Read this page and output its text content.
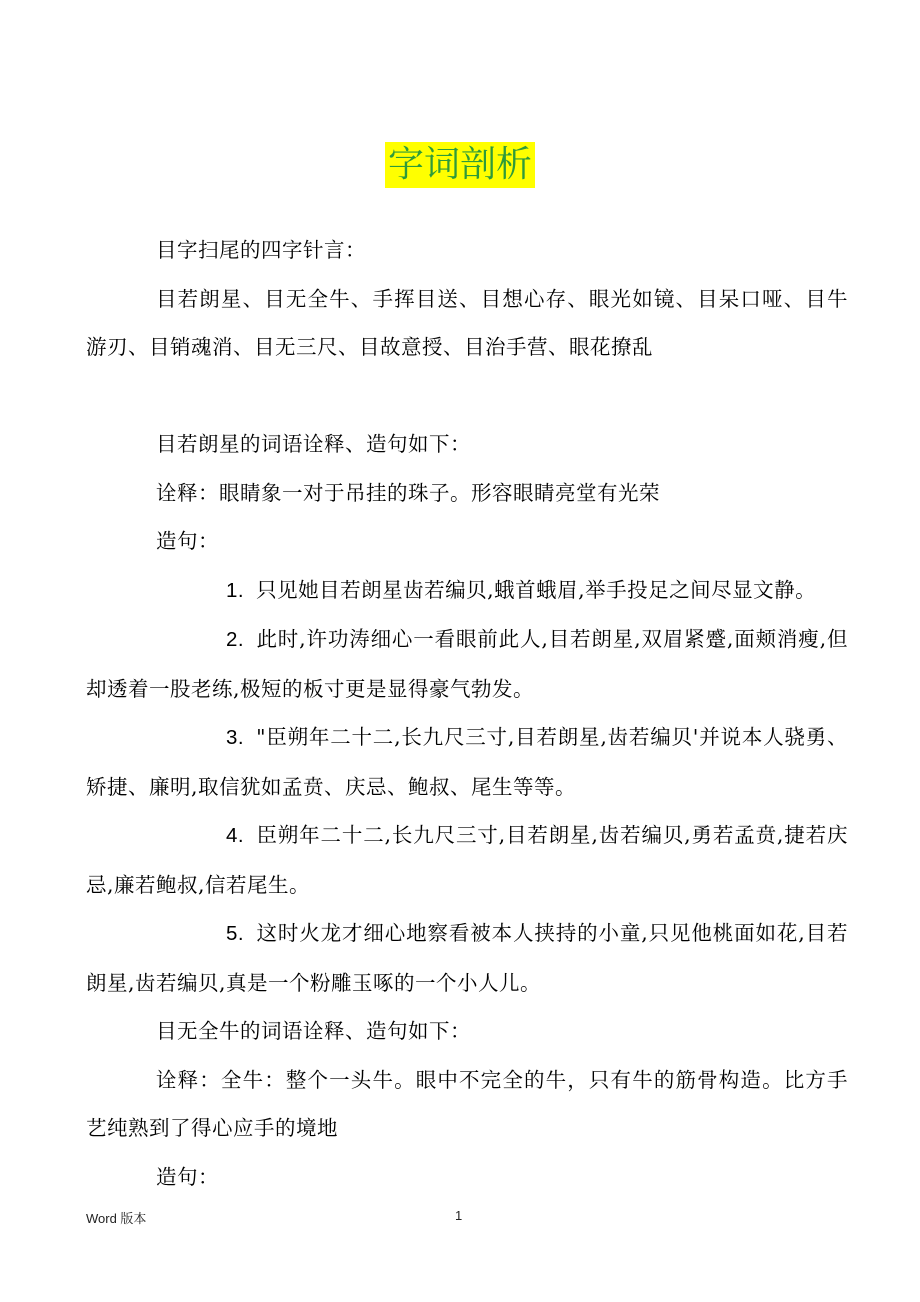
字词剖析

目字扫尾的四字针言：

目若朗星、目无全牛、手挥目送、目想心存、眼光如镜、目呆口哑、目牛游刃、目销魂消、目无三尺、目故意授、目治手营、眼花撩乱

目若朗星的词语诠释、造句如下：

诠释：眼睛象一对于吊挂的珠子。形容眼睛亮堂有光荣

造句：

1. 只见她目若朗星齿若编贝,蛾首蛾眉,举手投足之间尽显文静。

2. 此时,许功涛细心一看眼前此人,目若朗星,双眉紧蹙,面颊消瘦,但却透着一股老练,极短的板寸更是显得豪气勃发。

3. "臣朔年二十二,长九尺三寸,目若朗星,齿若编贝'并说本人骁勇、矫捷、廉明,取信犹如孟贲、庆忌、鲍叔、尾生等等。

4. 臣朔年二十二,长九尺三寸,目若朗星,齿若编贝,勇若孟贲,捷若庆忌,廉若鲍叔,信若尾生。

5. 这时火龙才细心地察看被本人挟持的小童,只见他桃面如花,目若朗星,齿若编贝,真是一个粉雕玉啄的一个小人儿。

目无全牛的词语诠释、造句如下：

诠释：全牛：整个一头牛。眼中不完全的牛，只有牛的筋骨构造。比方手艺纯熟到了得心应手的境地

造句：

Word 版本	1
